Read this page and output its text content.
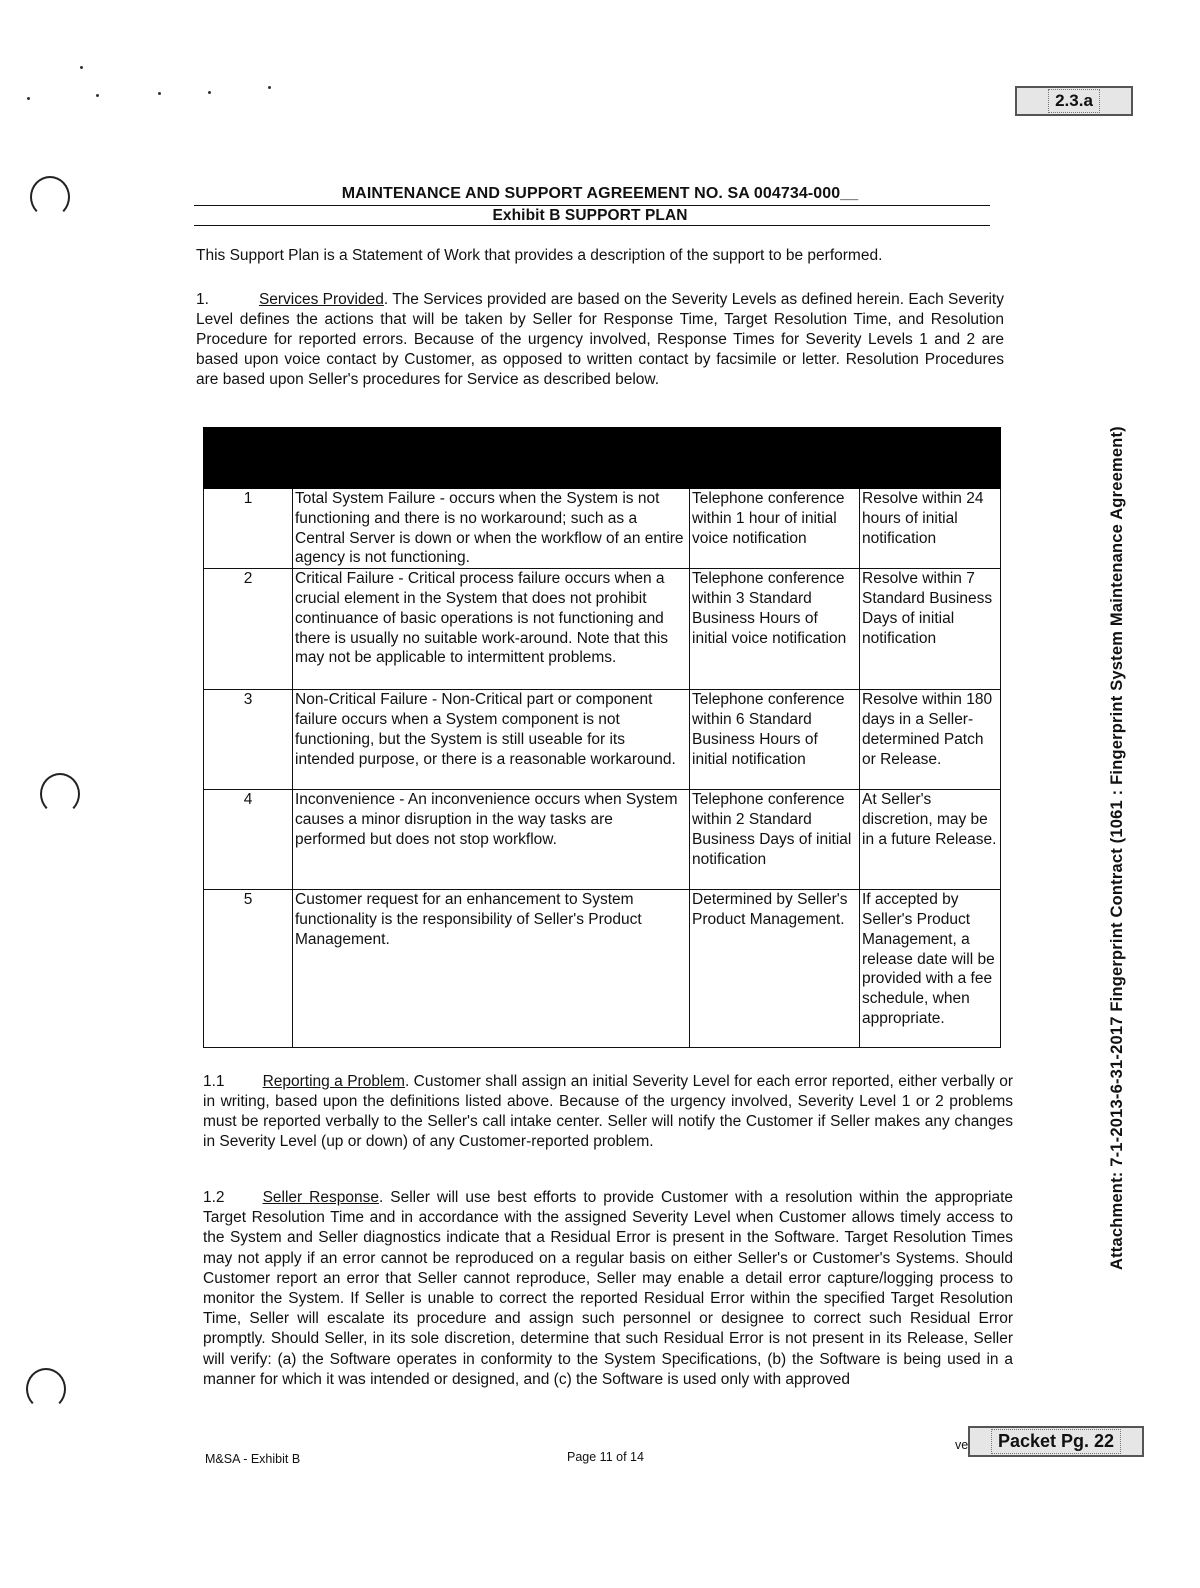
2.3.a
Attachment: 7-1-2013-6-31-2017 Fingerprint Contract (1061 : Fingerprint System Maintenance Agreement)
MAINTENANCE AND SUPPORT AGREEMENT NO. SA 004734-000__
Exhibit B SUPPORT PLAN
This Support Plan is a Statement of Work that provides a description of the support to be performed.
1.	Services Provided. The Services provided are based on the Severity Levels as defined herein. Each Severity Level defines the actions that will be taken by Seller for Response Time, Target Resolution Time, and Resolution Procedure for reported errors. Because of the urgency involved, Response Times for Severity Levels 1 and 2 are based upon voice contact by Customer, as opposed to written contact by facsimile or letter. Resolution Procedures are based upon Seller's procedures for Service as described below.

1	Total System Failure - occurs when the System is not functioning and there is no workaround; such as a Central Server is down or when the workflow of an entire agency is not functioning.	Telephone conference within 1 hour of initial voice notification	Resolve within 24 hours of initial notification
2	Critical Failure - Critical process failure occurs when a crucial element in the System that does not prohibit continuance of basic operations is not functioning and there is usually no suitable work-around. Note that this may not be applicable to intermittent problems.	Telephone conference within 3 Standard Business Hours of initial voice notification	Resolve within 7 Standard Business Days of initial notification
3	Non-Critical Failure - Non-Critical part or component failure occurs when a System component is not functioning, but the System is still useable for its intended purpose, or there is a reasonable workaround.	Telephone conference within 6 Standard Business Hours of initial notification	Resolve within 180 days in a Seller-determined Patch or Release.
4	Inconvenience - An inconvenience occurs when System causes a minor disruption in the way tasks are performed but does not stop workflow.	Telephone conference within 2 Standard Business Days of initial notification	At Seller's discretion, may be in a future Release.
5	Customer request for an enhancement to System functionality is the responsibility of Seller's Product Management.	Determined by Seller's Product Management.	If accepted by Seller's Product Management, a release date will be provided with a fee schedule, when appropriate.
1.1 Reporting a Problem. Customer shall assign an initial Severity Level for each error reported, either verbally or in writing, based upon the definitions listed above. Because of the urgency involved, Severity Level 1 or 2 problems must be reported verbally to the Seller's call intake center. Seller will notify the Customer if Seller makes any changes in Severity Level (up or down) of any Customer-reported problem.
1.2 Seller Response. Seller will use best efforts to provide Customer with a resolution within the appropriate Target Resolution Time and in accordance with the assigned Severity Level when Customer allows timely access to the System and Seller diagnostics indicate that a Residual Error is present in the Software. Target Resolution Times may not apply if an error cannot be reproduced on a regular basis on either Seller's or Customer's Systems. Should Customer report an error that Seller cannot reproduce, Seller may enable a detail error capture/logging process to monitor the System. If Seller is unable to correct the reported Residual Error within the specified Target Resolution Time, Seller will escalate its procedure and assign such personnel or designee to correct such Residual Error promptly. Should Seller, in its sole discretion, determine that such Residual Error is not present in its Release, Seller will verify: (a) the Software operates in conformity to the System Specifications, (b) the Software is being used in a manner for which it was intended or designed, and (c) the Software is used only with approved
M&SA - Exhibit B	Page 11 of 14
ve	Packet Pg. 22
